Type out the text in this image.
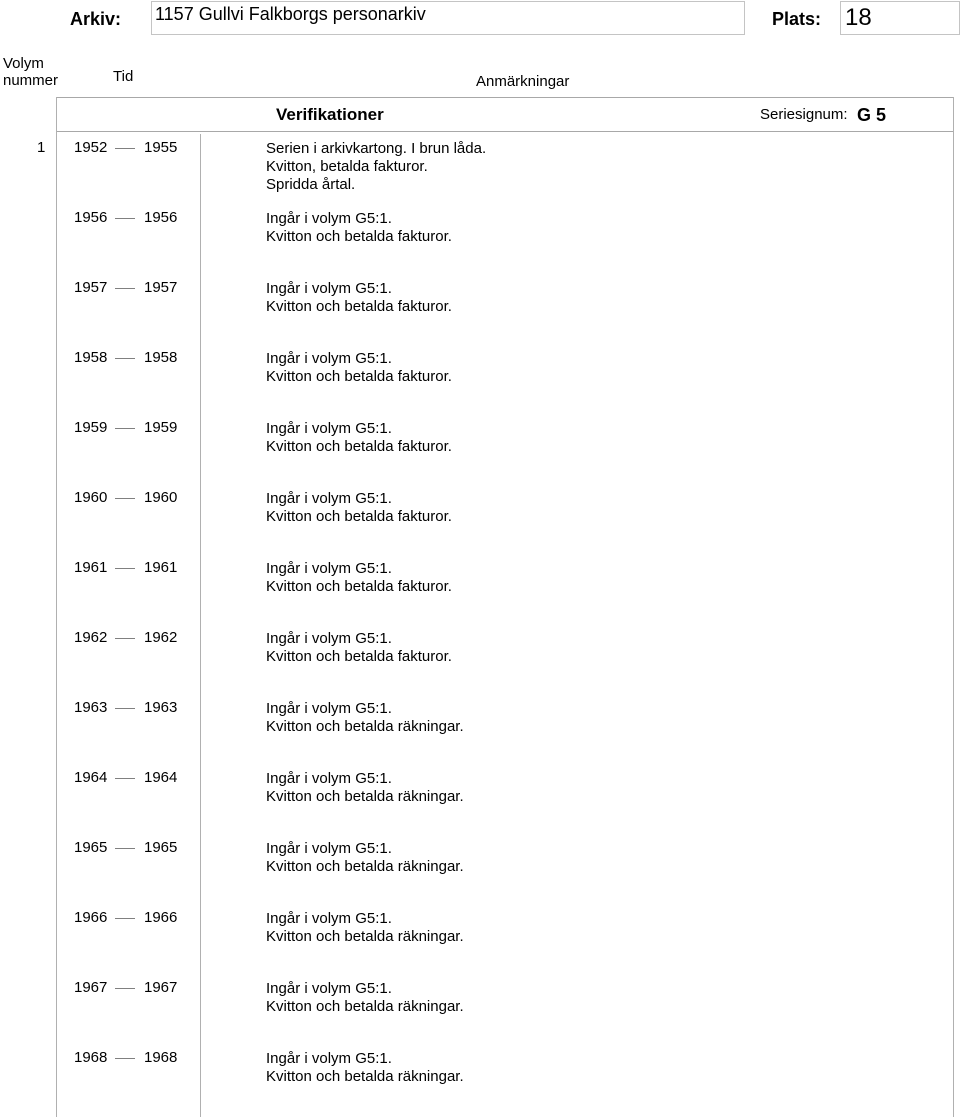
Arkiv: 1157 Gullvi Falkborgs personarkiv	Plats: 18
Volym
nummer	Tid	Anmärkningar
Verifikationer	Seriesignum: G 5
1 1952 1955	Serien i arkivkartong. I brun låda.
Kvitton, betalda fakturor.
Spridda årtal.
1956 1956	Ingår i volym G5:1.
Kvitton och betalda fakturor.
1957 1957	Ingår i volym G5:1.
Kvitton och betalda fakturor.
1958 1958	Ingår i volym G5:1.
Kvitton och betalda fakturor.
1959 1959	Ingår i volym G5:1.
Kvitton och betalda fakturor.
1960 1960	Ingår i volym G5:1.
Kvitton och betalda fakturor.
1961 1961	Ingår i volym G5:1.
Kvitton och betalda fakturor.
1962 1962	Ingår i volym G5:1.
Kvitton och betalda fakturor.
1963 1963	Ingår i volym G5:1.
Kvitton och betalda räkningar.
1964 1964	Ingår i volym G5:1.
Kvitton och betalda räkningar.
1965 1965	Ingår i volym G5:1.
Kvitton och betalda räkningar.
1966 1966	Ingår i volym G5:1.
Kvitton och betalda räkningar.
1967 1967	Ingår i volym G5:1.
Kvitton och betalda räkningar.
1968 1968	Ingår i volym G5:1.
Kvitton och betalda räkningar.
